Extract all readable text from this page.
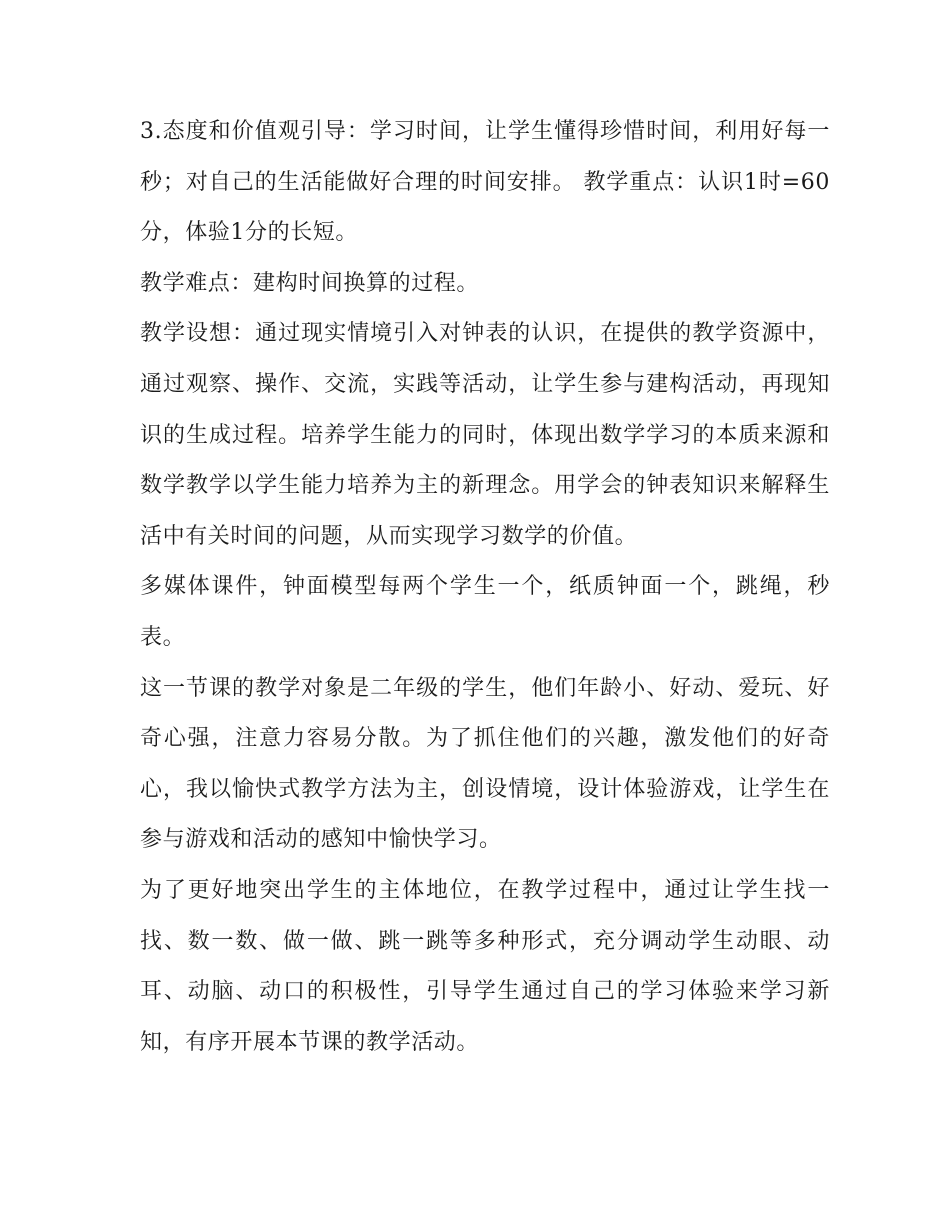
3.态度和价值观引导：学习时间，让学生懂得珍惜时间，利用好每一秒；对自己的生活能做好合理的时间安排。 教学重点：认识1时=60分，体验1分的长短。

教学难点：建构时间换算的过程。

教学设想：通过现实情境引入对钟表的认识，在提供的教学资源中，通过观察、操作、交流，实践等活动，让学生参与建构活动，再现知识的生成过程。培养学生能力的同时，体现出数学学习的本质来源和数学教学以学生能力培养为主的新理念。用学会的钟表知识来解释生活中有关时间的问题，从而实现学习数学的价值。

多媒体课件，钟面模型每两个学生一个，纸质钟面一个，跳绳，秒表。

这一节课的教学对象是二年级的学生，他们年龄小、好动、爱玩、好奇心强，注意力容易分散。为了抓住他们的兴趣，激发他们的好奇心，我以愉快式教学方法为主，创设情境，设计体验游戏，让学生在参与游戏和活动的感知中愉快学习。

为了更好地突出学生的主体地位，在教学过程中，通过让学生找一找、数一数、做一做、跳一跳等多种形式，充分调动学生动眼、动耳、动脑、动口的积极性，引导学生通过自己的学习体验来学习新知，有序开展本节课的教学活动。
